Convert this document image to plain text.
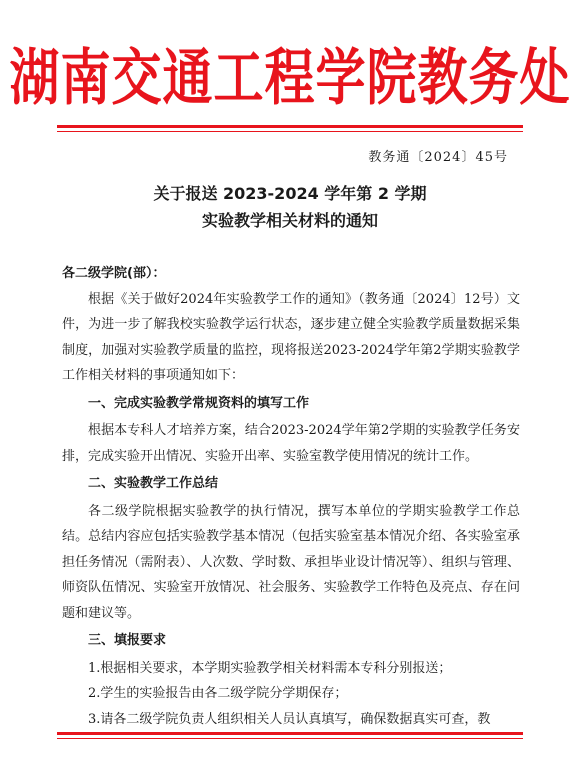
湖南交通工程学院教务处
教务通〔2024〕45号
关于报送 2023-2024 学年第 2 学期
实验教学相关材料的通知

各二级学院(部）：

根据《关于做好2024年实验教学工作的通知》（教务通〔2024〕12号）文件，为进一步了解我校实验教学运行状态，逐步建立健全实验教学质量数据采集制度，加强对实验教学质量的监控，现将报送2023-2024学年第2学期实验教学工作相关材料的事项通知如下：

一、完成实验教学常规资料的填写工作

根据本专科人才培养方案，结合2023-2024学年第2学期的实验教学任务安排，完成实验开出情况、实验开出率、实验室教学使用情况的统计工作。

二、实验教学工作总结

各二级学院根据实验教学的执行情况，撰写本单位的学期实验教学工作总结。总结内容应包括实验教学基本情况（包括实验室基本情况介绍、各实验室承担任务情况（需附表）、人次数、学时数、承担毕业设计情况等）、组织与管理、师资队伍情况、实验室开放情况、社会服务、实验教学工作特色及亮点、存在问题和建议等。

三、填报要求

1.根据相关要求，本学期实验教学相关材料需本专科分别报送；

2.学生的实验报告由各二级学院分学期保存；

3.请各二级学院负责人组织相关人员认真填写，确保数据真实可查，教
